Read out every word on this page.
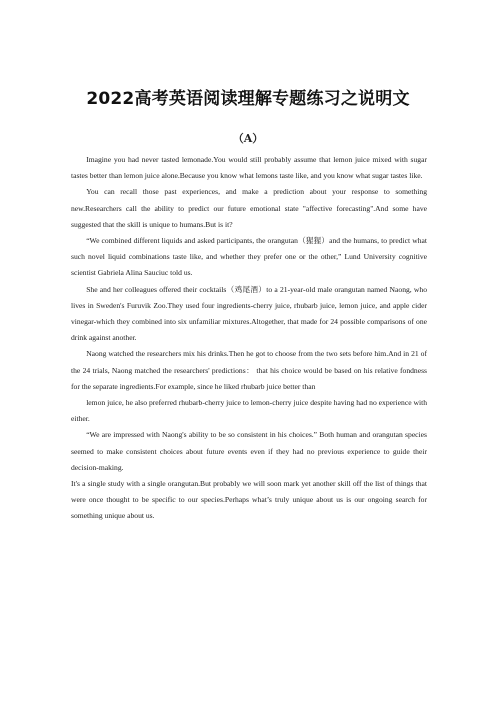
2022高考英语阅读理解专题练习之说明文
（A）

Imagine you had never tasted lemonade.You would still probably assume that lemon juice mixed with sugar tastes better than lemon juice alone.Because you know what lemons taste like, and you know what sugar tastes like.

You can recall those past experiences, and make a prediction about your response to something new.Researchers call the ability to predict our future emotional state "affective forecasting".And some have suggested that the skill is unique to humans.But is it?

“We combined different liquids and asked participants, the orangutan（猩猩）and the humans, to predict what such novel liquid combinations taste like, and whether they prefer one or the other,” Lund University cognitive scientist Gabriela Alina Sauciuc told us.

She and her colleagues offered their cocktails（鸡尾酒）to a 21-year-old male orangutan named Naong, who lives in Sweden's Furuvik Zoo.They used four ingredients-cherry juice, rhubarb juice, lemon juice, and apple cider vinegar-which they combined into six unfamiliar mixtures.Altogether, that made for 24 possible comparisons of one drink against another.

Naong watched the researchers mix his drinks.Then he got to choose from the two sets before him.And in 21 of the 24 trials, Naong matched the researchers' predictions： that his choice would be based on his relative fondness for the separate ingredients.For example, since he liked rhubarb juice better than

lemon juice, he also preferred rhubarb-cherry juice to lemon-cherry juice despite having had no experience with either.

“We are impressed with Naong's ability to be so consistent in his choices.” Both human and orangutan species seemed to make consistent choices about future events even if they had no previous experience to guide their decision-making.

It's a single study with a single orangutan.But probably we will soon mark yet another skill off the list of things that were once thought to be specific to our species.Perhaps what’s truly unique about us is our ongoing search for something unique about us.
